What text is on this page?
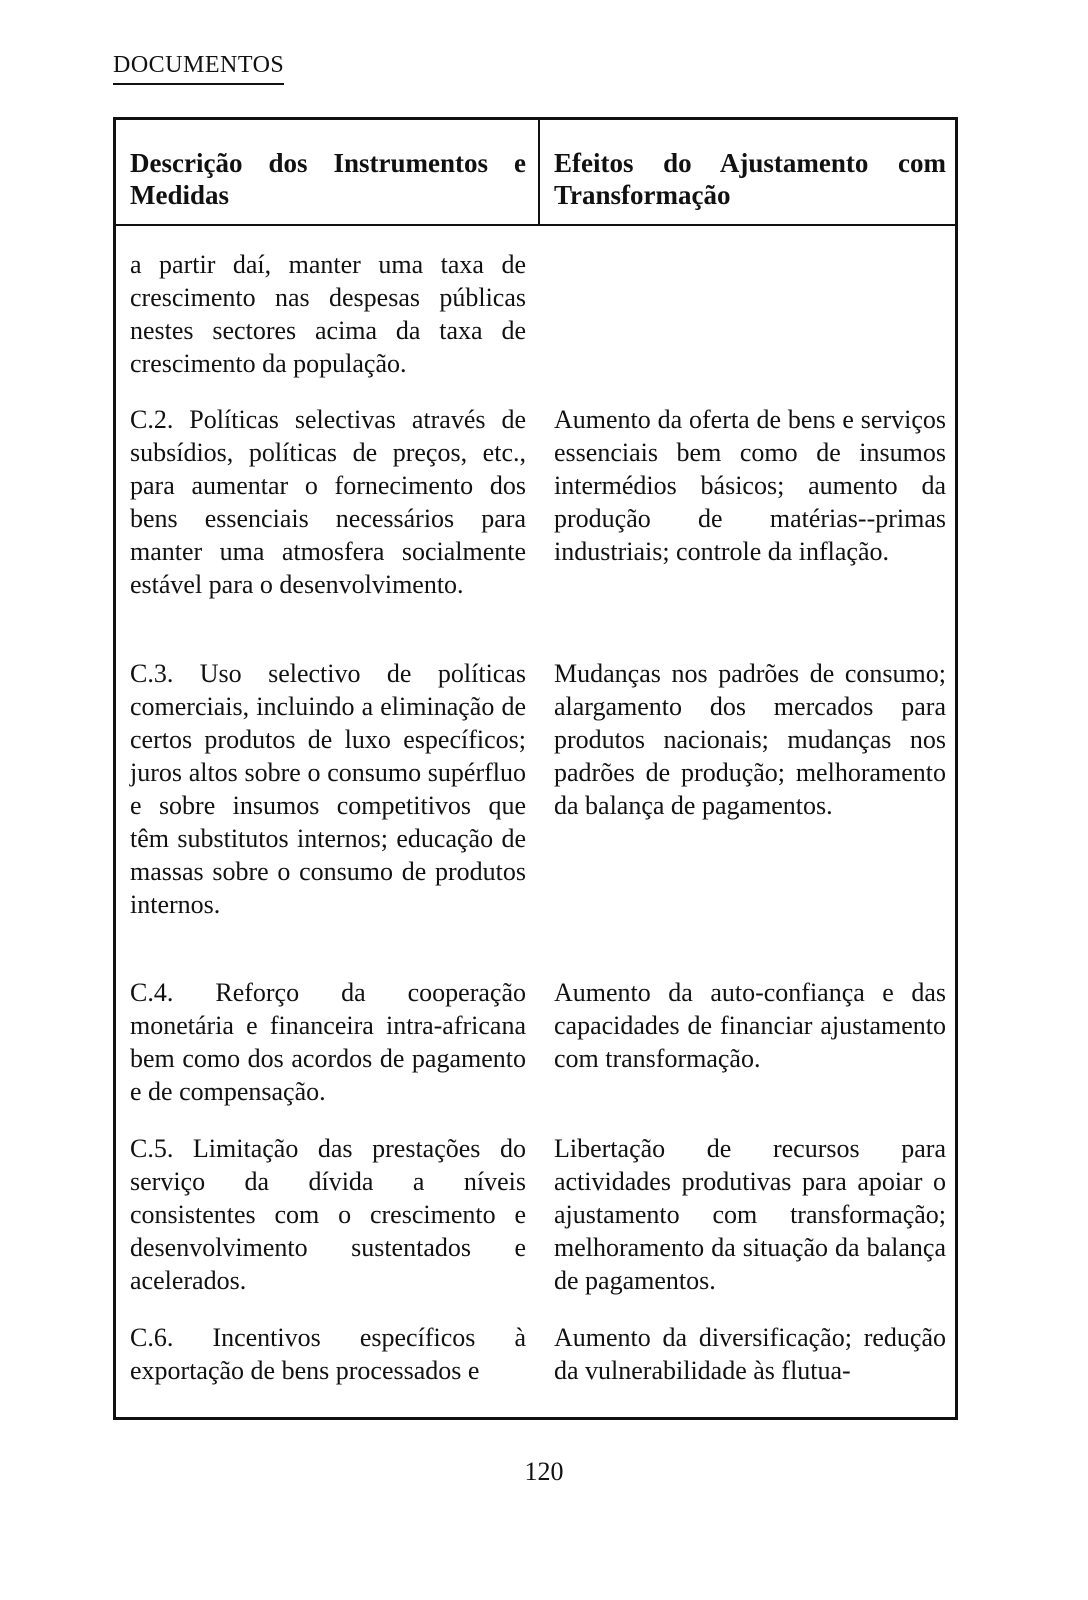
DOCUMENTOS
Descrição dos Instrumentos e Medidas
Efeitos do Ajustamento com Transformação
a partir daí, manter uma taxa de crescimento nas despesas públicas nestes sectores acima da taxa de crescimento da população.
C.2. Políticas selectivas através de subsídios, políticas de preços, etc., para aumentar o fornecimento dos bens essenciais necessários para manter uma atmosfera socialmente estável para o desenvolvimento.
Aumento da oferta de bens e serviços essenciais bem como de insumos intermédios básicos; aumento da produção de matérias--primas industriais; controle da inflação.
C.3. Uso selectivo de políticas comerciais, incluindo a eliminação de certos produtos de luxo específicos; juros altos sobre o consumo supérfluo e sobre insumos competitivos que têm substitutos internos; educação de massas sobre o consumo de produtos internos.
Mudanças nos padrões de consumo; alargamento dos mercados para produtos nacionais; mudanças nos padrões de produção; melhoramento da balança de pagamentos.
C.4. Reforço da cooperação monetária e financeira intra-africana bem como dos acordos de pagamento e de compensação.
Aumento da auto-confiança e das capacidades de financiar ajustamento com transformação.
C.5. Limitação das prestações do serviço da dívida a níveis consistentes com o crescimento e desenvolvimento sustentados e acelerados.
Libertação de recursos para actividades produtivas para apoiar o ajustamento com transformação; melhoramento da situação da balança de pagamentos.
C.6. Incentivos específicos à exportação de bens processados e
Aumento da diversificação; redução da vulnerabilidade às flutua-
120
